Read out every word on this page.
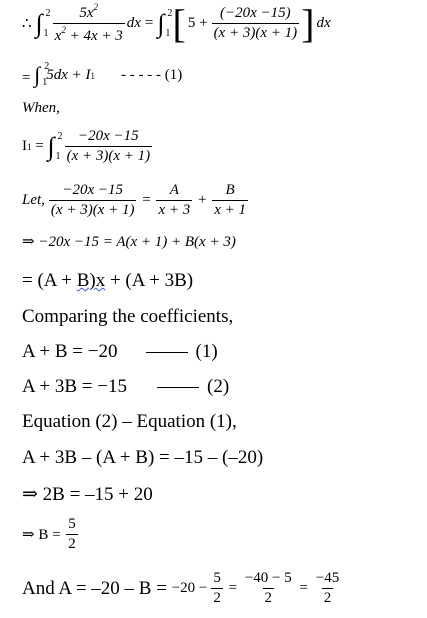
∴ ∫ 2
$1 \frac{5x^2}{x^2 + 4x + 3}$ dx = ∫ 2
1 [ $5 + \frac{(-20x -15)}{(x + 3)(x + 1)}$ ] dx
= ∫ 2
1 5dx + I 1 - - - - - (1)
When,
I 1 = ∫ 2
$1 \frac{-20x -15}{(x + 3)(x + 1)}$
Let, $\frac{-20x -15}{(x + 3)(x + 1)} = \frac{A}{x + 3} + \frac{B}{x + 1}$
⇒ −20x −15 = A(x + 1) + B(x + 3)
= (A + B)x + (A + 3B)
Comparing the coefficients,
A + B = −20	(1)
A + 3B = −15	(2)
Equation (2) – Equation (1),
A + 3B – (A + B) = –15 – (–20)
⇒ 2B = –15 + 20
⇒ $B = \frac{5}{2}$
And $A = -20 - B = -20 - \frac{5}{2} = \frac{-40 - 5}{2} = \frac{-45}{2}$
